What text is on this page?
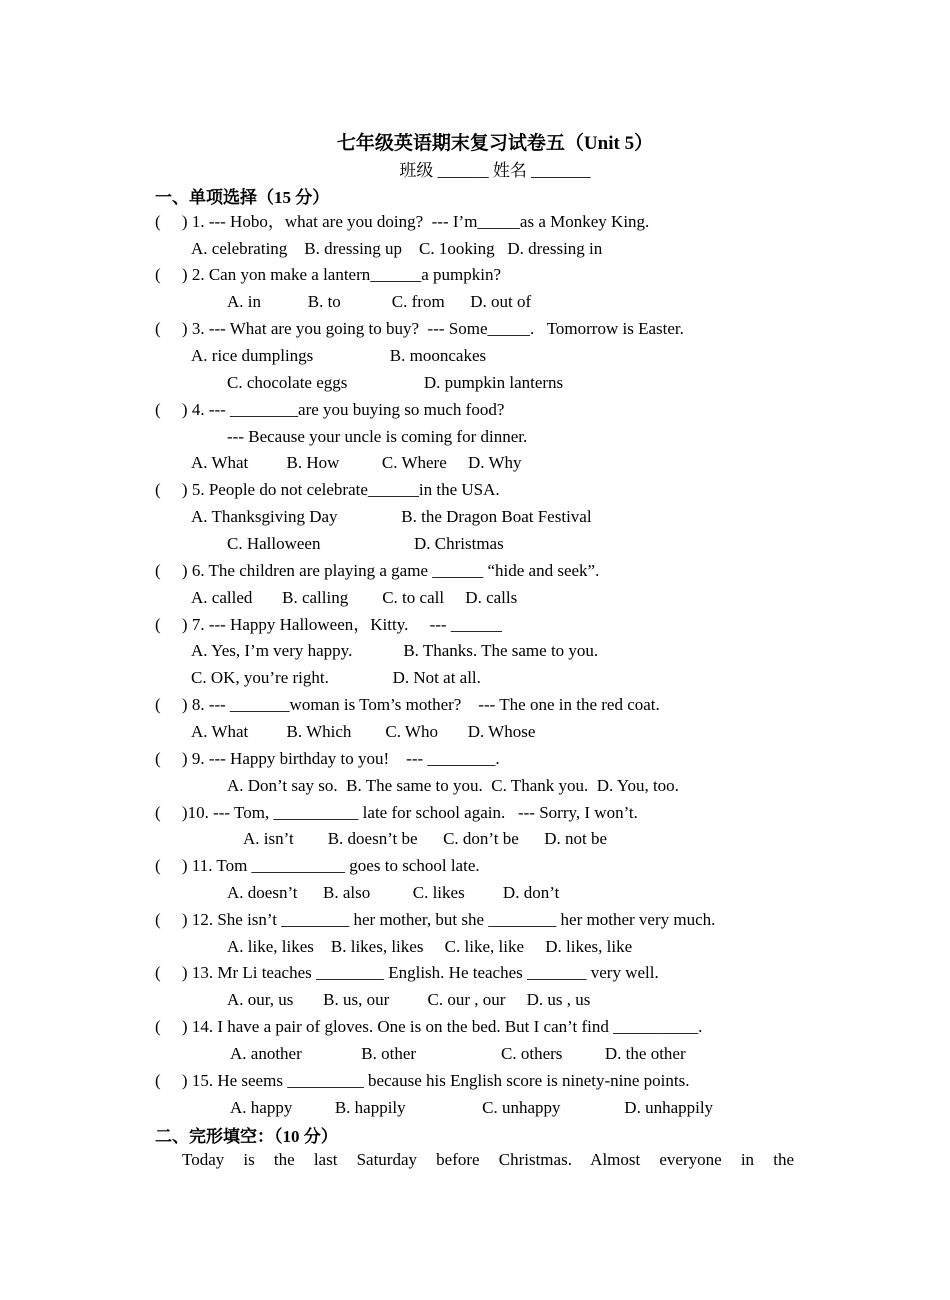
七年级英语期末复习试卷五（Unit 5）
班级 ______ 姓名 _______
一、单项选择（15 分）
(     ) 1. --- Hobo，what are you doing?  --- I’m_____as a Monkey King.
A. celebrating    B. dressing up    C. 1ooking   D. dressing in
(     ) 2. Can yon make a lantern______a pumpkin?
A. in           B. to            C. from      D. out of
(     ) 3. --- What are you going to buy?  --- Some_____.   Tomorrow is Easter.
A. rice dumplings                  B. mooncakes
C. chocolate eggs                  D. pumpkin lanterns
(     ) 4. --- ________are you buying so much food?
--- Because your uncle is coming for dinner.
A. What         B. How          C. Where     D. Why
(     ) 5. People do not celebrate______in the USA.
A. Thanksgiving Day               B. the Dragon Boat Festival
C. Halloween                      D. Christmas
(     ) 6. The children are playing a game ______ “hide and seek”.
A. called       B. calling        C. to call     D. calls
(     ) 7. --- Happy Halloween，Kitty.     --- ______
A. Yes, I’m very happy.            B. Thanks. The same to you.
C. OK, you’re right.               D. Not at all.
(     ) 8. --- _______woman is Tom’s mother?    --- The one in the red coat.
A. What         B. Which        C. Who       D. Whose
(     ) 9. --- Happy birthday to you!    --- ________.
A. Don’t say so.  B. The same to you.  C. Thank you.  D. You, too.
(     )10. --- Tom, __________ late for school again.   --- Sorry, I won’t.
A. isn’t        B. doesn’t be      C. don’t be      D. not be
(     ) 11. Tom ___________ goes to school late.
A. doesn’t      B. also          C. likes         D. don’t
(     ) 12. She isn’t ________ her mother, but she ________ her mother very much.
A. like, likes    B. likes, likes     C. like, like     D. likes, like
(     ) 13. Mr Li teaches ________ English. He teaches _______ very well.
A. our, us       B. us, our         C. our , our     D. us , us
(     ) 14. I have a pair of gloves. One is on the bed. But I can’t find __________.
A. another              B. other                    C. others          D. the other
(     ) 15. He seems _________ because his English score is ninety-nine points.
A. happy          B. happily                  C. unhappy               D. unhappily
二、完形填空：（10 分）
Today is the last Saturday before Christmas. Almost everyone in the
